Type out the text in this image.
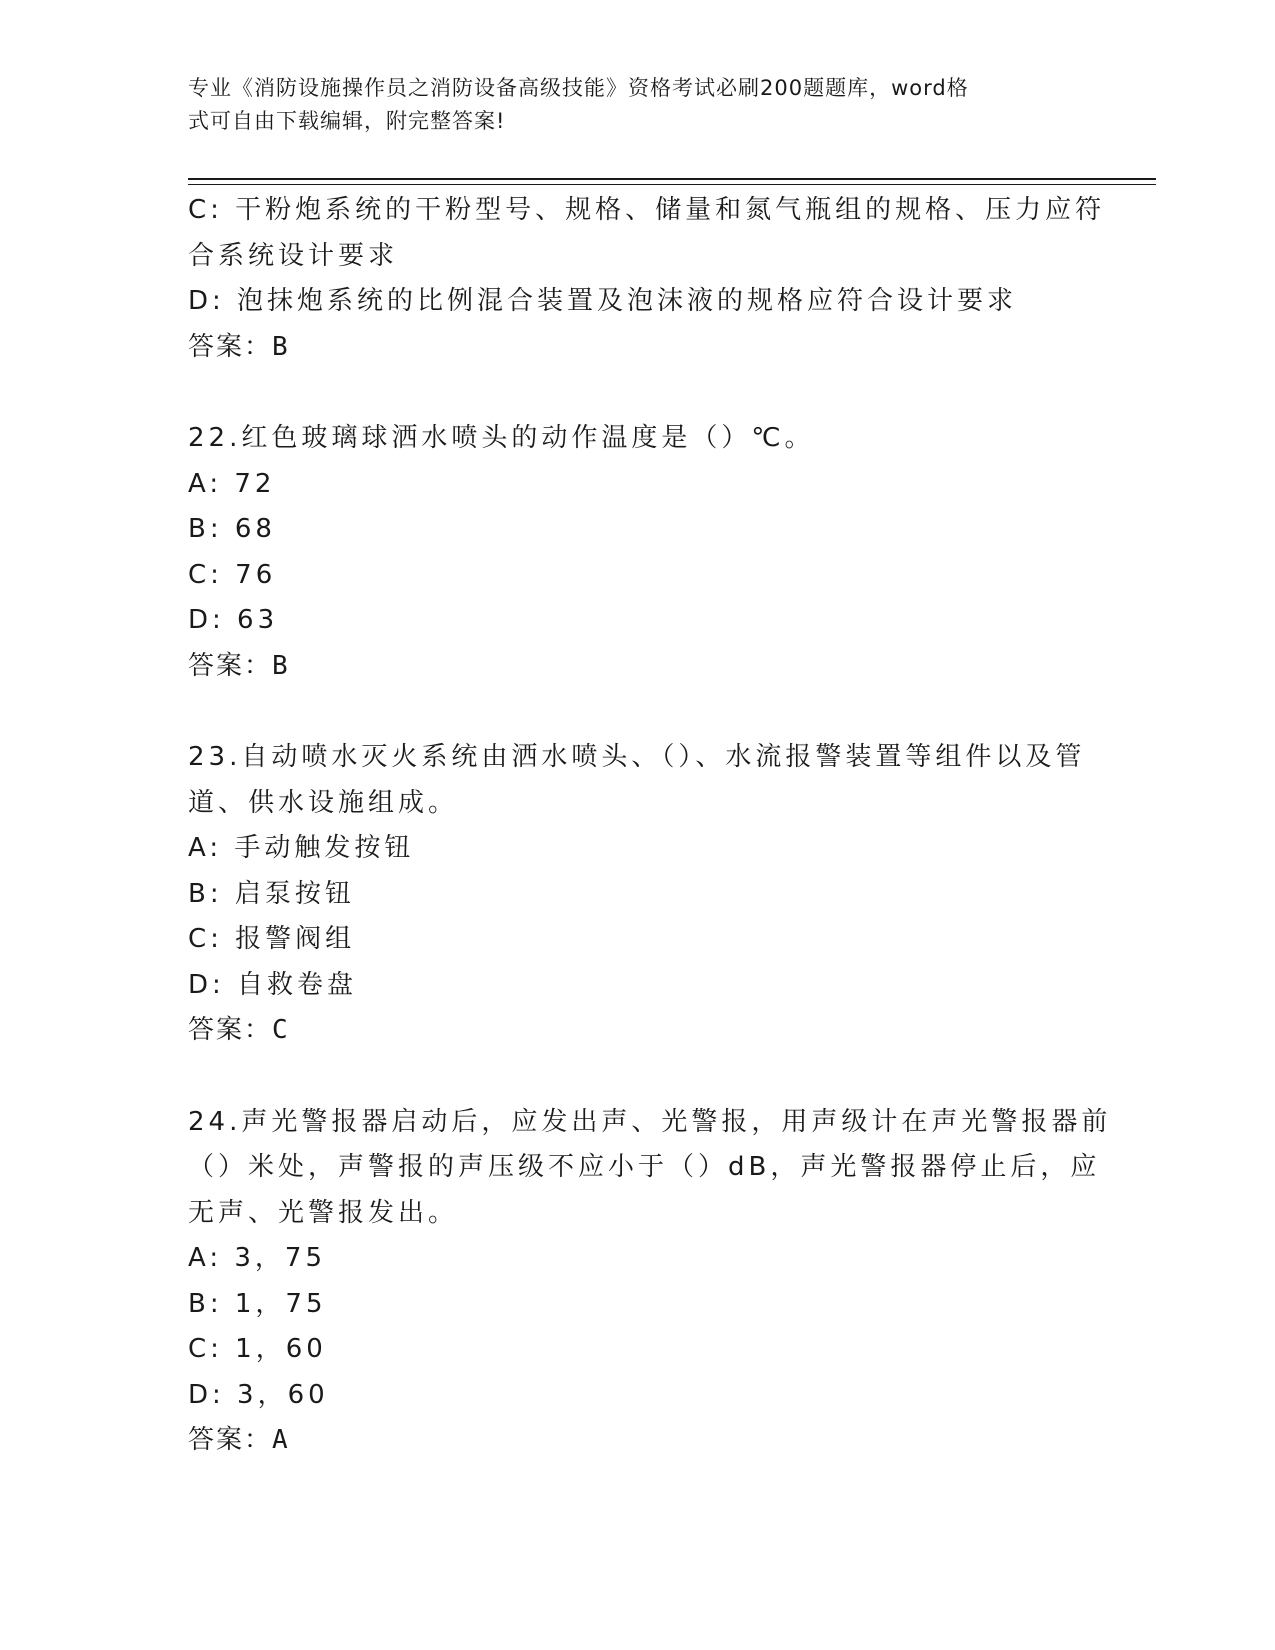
专业《消防设施操作员之消防设备高级技能》资格考试必刷200题题库，word格
式可自由下载编辑，附完整答案!
C: 干粉炮系统的干粉型号、规格、储量和氮气瓶组的规格、压力应符
合系统设计要求
D: 泡抹炮系统的比例混合装置及泡沫液的规格应符合设计要求
答案：B
22.红色玻璃球洒水喷头的动作温度是（）℃。
A: 72
B: 68
C: 76
D: 63
答案：B
23.自动喷水灭火系统由洒水喷头、（）、水流报警装置等组件以及管
道、供水设施组成。
A: 手动触发按钮
B: 启泵按钮
C: 报警阀组
D: 自救卷盘
答案：C
24.声光警报器启动后，应发出声、光警报，用声级计在声光警报器前
（）米处，声警报的声压级不应小于（）dB，声光警报器停止后，应
无声、光警报发出。
A: 3，75
B: 1，75
C: 1，60
D: 3，60
答案：A
